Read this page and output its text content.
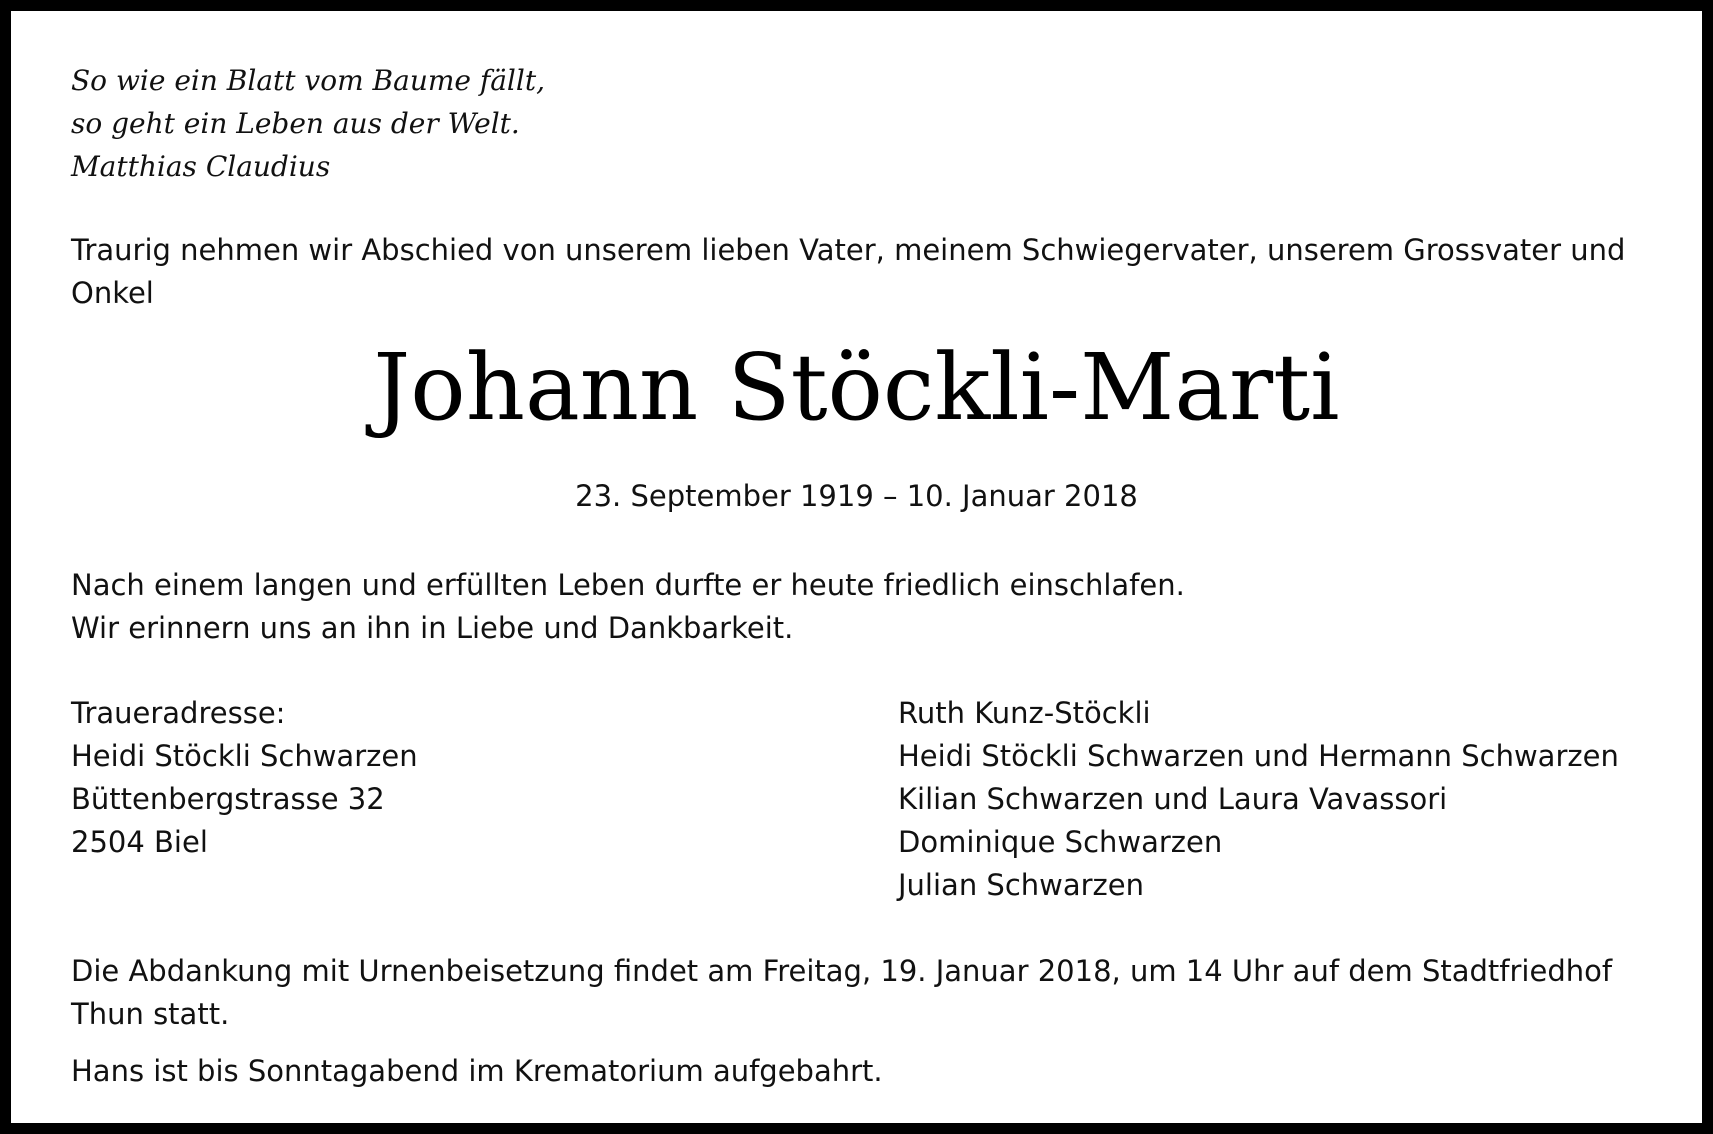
So wie ein Blatt vom Baume fällt,
so geht ein Leben aus der Welt.
Matthias Claudius

Traurig nehmen wir Abschied von unserem lieben Vater, meinem Schwiegervater, unserem Grossvater und Onkel

Johann Stöckli-Marti
23. September 1919 – 10. Januar 2018
Nach einem langen und erfüllten Leben durfte er heute friedlich einschlafen.
Wir erinnern uns an ihn in Liebe und Dankbarkeit.
Traueradresse:
Heidi Stöckli Schwarzen
Büttenbergstrasse 32
2504 Biel
Ruth Kunz-Stöckli
Heidi Stöckli Schwarzen und Hermann Schwarzen
Kilian Schwarzen und Laura Vavassori
Dominique Schwarzen
Julian Schwarzen

Die Abdankung mit Urnenbeisetzung findet am Freitag, 19. Januar 2018, um 14 Uhr auf dem Stadtfriedhof Thun statt.

Hans ist bis Sonntagabend im Krematorium aufgebahrt.
